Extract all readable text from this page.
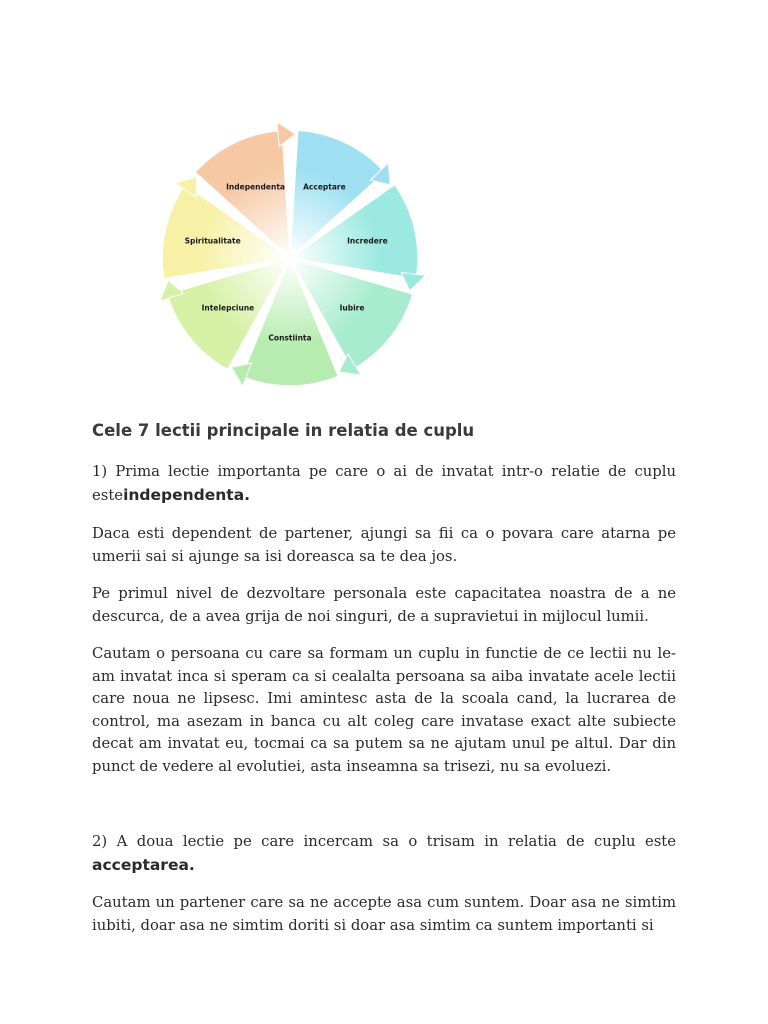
Acceptare
Incredere
Iubire
Constiinta
Intelepciune
Spiritualitate
Independenta
Cele 7 lectii principale in relatia de cuplu
1) Prima lectie importanta pe care o ai de invatat intr-o relatie de cuplu esteindependenta.
Daca esti dependent de partener, ajungi sa fii ca o povara care atarna pe umerii sai si ajunge sa isi doreasca sa te dea jos.
Pe primul nivel de dezvoltare personala este capacitatea noastra de a ne descurca, de a avea grija de noi singuri, de a supravietui in mijlocul lumii.
Cautam o persoana cu care sa formam un cuplu in functie de ce lectii nu le-am invatat inca si speram ca si cealalta persoana sa aiba invatate acele lectii care noua ne lipsesc. Imi amintesc asta de la scoala cand, la lucrarea de control, ma asezam in banca cu alt coleg care invatase exact alte subiecte decat am invatat eu, tocmai ca sa putem sa ne ajutam unul pe altul. Dar din punct de vedere al evolutiei, asta inseamna sa trisezi, nu sa evoluezi.
2) A doua lectie pe care incercam sa o trisam in relatia de cuplu este acceptarea.
Cautam un partener care sa ne accepte asa cum suntem. Doar asa ne simtim iubiti, doar asa ne simtim doriti si doar asa simtim ca suntem importanti si
